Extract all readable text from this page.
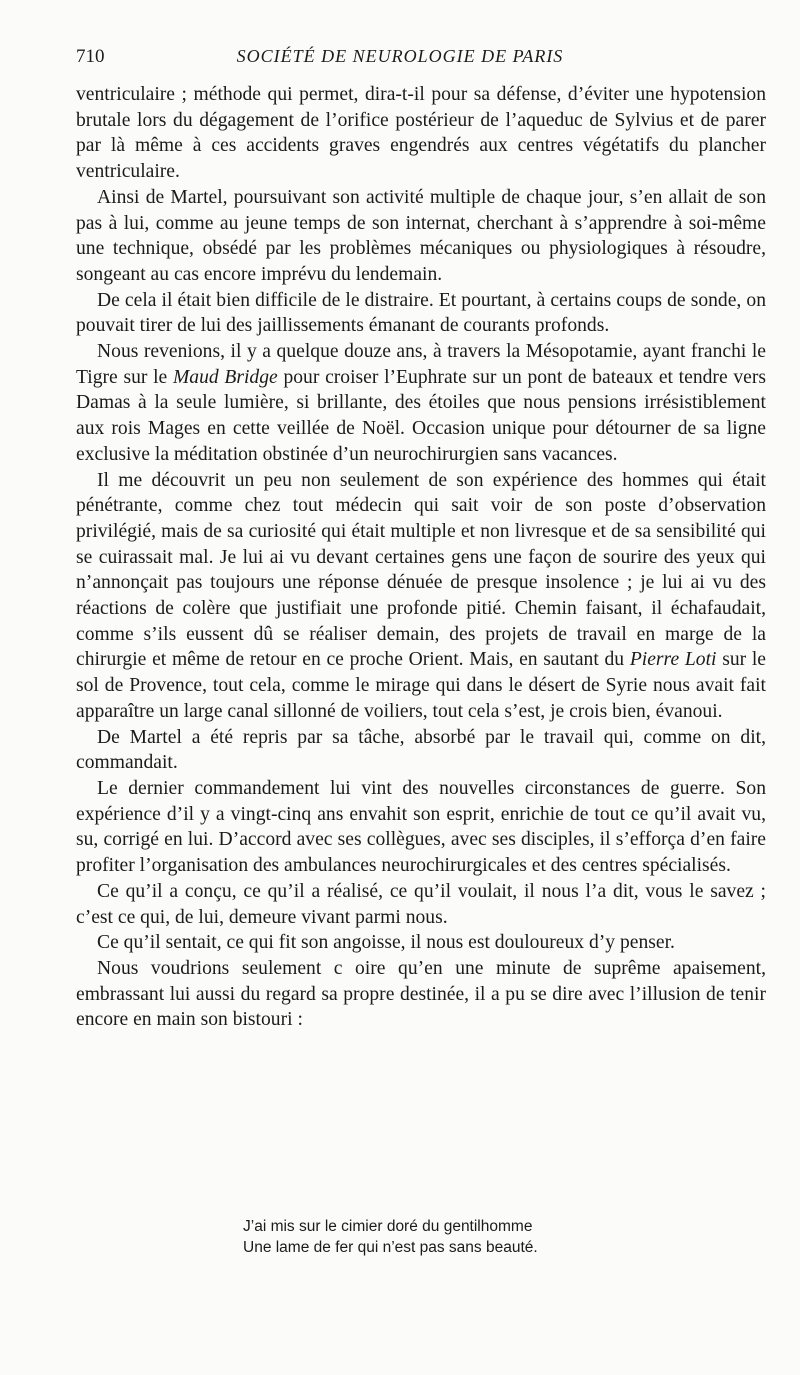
710	SOCIÉTÉ DE NEUROLOGIE DE PARIS

ventriculaire ; méthode qui permet, dira-t-il pour sa défense, d’éviter une hypotension brutale lors du dégagement de l’orifice postérieur de l’aqueduc de Sylvius et de parer par là même à ces accidents graves engendrés aux centres végétatifs du plancher ventriculaire.

Ainsi de Martel, poursuivant son activité multiple de chaque jour, s’en allait de son pas à lui, comme au jeune temps de son internat, cherchant à s’apprendre à soi-même une technique, obsédé par les problèmes mécaniques ou physiologiques à résoudre, songeant au cas encore imprévu du lendemain.

De cela il était bien difficile de le distraire. Et pourtant, à certains coups de sonde, on pouvait tirer de lui des jaillissements émanant de courants profonds.

Nous revenions, il y a quelque douze ans, à travers la Mésopotamie, ayant franchi le Tigre sur le Maud Bridge pour croiser l’Euphrate sur un pont de bateaux et tendre vers Damas à la seule lumière, si brillante, des étoiles que nous pensions irrésistiblement aux rois Mages en cette veillée de Noël. Occasion unique pour détourner de sa ligne exclusive la méditation obstinée d’un neurochirurgien sans vacances.

Il me découvrit un peu non seulement de son expérience des hommes qui était pénétrante, comme chez tout médecin qui sait voir de son poste d’observation privilégié, mais de sa curiosité qui était multiple et non livresque et de sa sensibilité qui se cuirassait mal. Je lui ai vu devant certaines gens une façon de sourire des yeux qui n’annonçait pas toujours une réponse dénuée de presque insolence ; je lui ai vu des réactions de colère que justifiait une profonde pitié. Chemin faisant, il échafaudait, comme s’ils eussent dû se réaliser demain, des projets de travail en marge de la chirurgie et même de retour en ce proche Orient. Mais, en sautant du Pierre Loti sur le sol de Provence, tout cela, comme le mirage qui dans le désert de Syrie nous avait fait apparaître un large canal sillonné de voiliers, tout cela s’est, je crois bien, évanoui.

De Martel a été repris par sa tâche, absorbé par le travail qui, comme on dit, commandait.

Le dernier commandement lui vint des nouvelles circonstances de guerre. Son expérience d’il y a vingt-cinq ans envahit son esprit, enrichie de tout ce qu’il avait vu, su, corrigé en lui. D’accord avec ses collègues, avec ses disciples, il s’efforça d’en faire profiter l’organisation des ambulances neurochirurgicales et des centres spécialisés.

Ce qu’il a conçu, ce qu’il a réalisé, ce qu’il voulait, il nous l’a dit, vous le savez ; c’est ce qui, de lui, demeure vivant parmi nous.

Ce qu’il sentait, ce qui fit son angoisse, il nous est douloureux d’y penser.

Nous voudrions seulement c oire qu’en une minute de suprême apaisement, embrassant lui aussi du regard sa propre destinée, il a pu se dire avec l’illusion de tenir encore en main son bistouri :

J’ai mis sur le cimier doré du gentilhomme
Une lame de fer qui n’est pas sans beauté.
